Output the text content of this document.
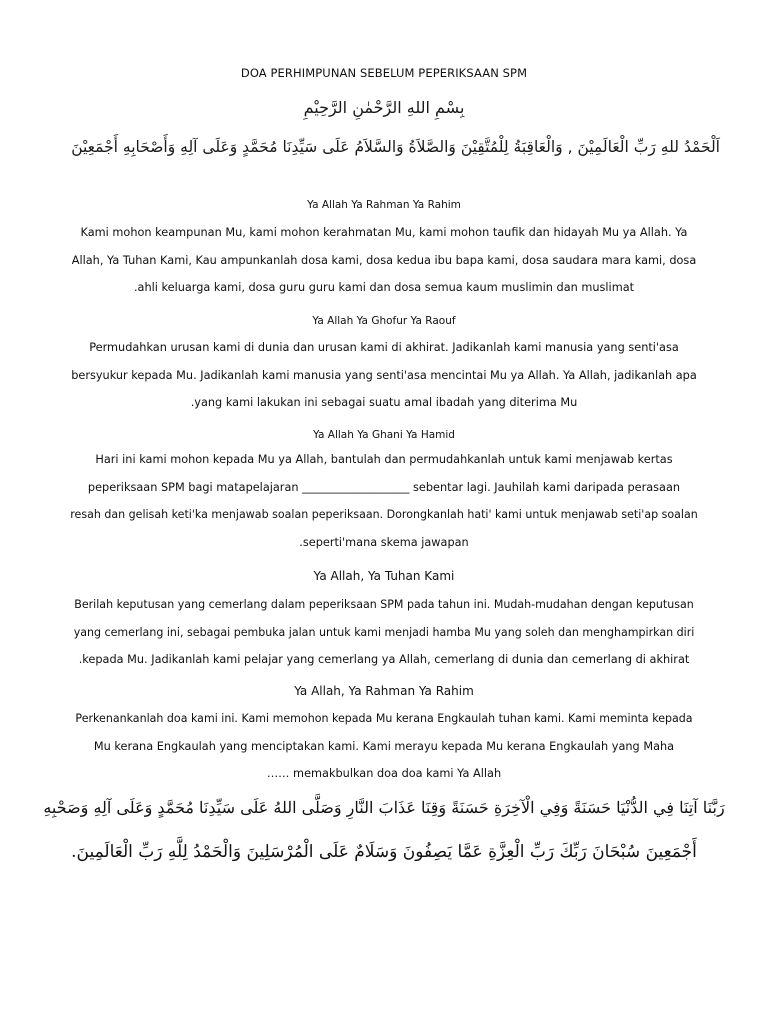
DOA PERHIMPUNAN SEBELUM PEPERIKSAAN SPM
بِسْمِ اللهِ الرَّحْمٰنِ الرَّحِيْمِ
اَلْحَمْدُ للهِ رَبِّ الْعَالَمِيْنَ , وَالْعَاقِبَةُ لِلْمُتَّقِيْنَ وَالصَّلاَةُ وَالسَّلاَمُ عَلَى سَيِّدِنَا مُحَمَّدٍ وَعَلَى آلِهِ وَأَصْحَابِهِ أَجْمَعِيْنَ
Ya Allah Ya Rahman Ya Rahim
Kami mohon keampunan Mu, kami mohon kerahmatan Mu, kami mohon taufik dan hidayah Mu ya Allah. Ya
Allah, Ya Tuhan Kami, Kau ampunkanlah dosa kami, dosa kedua ibu bapa kami, dosa saudara mara kami, dosa
.ahli keluarga kami, dosa guru guru kami dan dosa semua kaum muslimin dan muslimat
Ya Allah Ya Ghofur Ya Raouf
Permudahkan urusan kami di dunia dan urusan kami di akhirat. Jadikanlah kami manusia yang senti'asa
bersyukur kepada Mu. Jadikanlah kami manusia yang senti'asa mencintai Mu ya Allah. Ya Allah, jadikanlah apa
.yang kami lakukan ini sebagai suatu amal ibadah yang diterima Mu
Ya Allah Ya Ghani Ya Hamid
Hari ini kami mohon kepada Mu ya Allah, bantulah dan permudahkanlah untuk kami menjawab kertas
peperiksaan SPM bagi matapelajaran ___________________ sebentar lagi. Jauhilah kami daripada perasaan
resah dan gelisah keti'ka menjawab soalan peperiksaan. Dorongkanlah hati' kami untuk menjawab seti'ap soalan
.seperti'mana skema jawapan
Ya Allah, Ya Tuhan Kami
Berilah keputusan yang cemerlang dalam peperiksaan SPM pada tahun ini. Mudah-mudahan dengan keputusan
yang cemerlang ini, sebagai pembuka jalan untuk kami menjadi hamba Mu yang soleh dan menghampirkan diri
.kepada Mu. Jadikanlah kami pelajar yang cemerlang ya Allah, cemerlang di dunia dan cemerlang di akhirat
Ya Allah, Ya Rahman Ya Rahim
Perkenankanlah doa kami ini. Kami memohon kepada Mu kerana Engkaulah tuhan kami. Kami meminta kepada
Mu kerana Engkaulah yang menciptakan kami. Kami merayu kepada Mu kerana Engkaulah yang Maha
…… memakbulkan doa doa kami Ya Allah
رَبَّنَا آتِنَا فِي الدُّنْيَا حَسَنَةً وَفِي الْآخِرَةِ حَسَنَةً وَقِنَا عَذَابَ النَّارِ وَصَلَّى اللهُ عَلَى سَيِّدِنَا مُحَمَّدٍ وَعَلَى آلِهِ وَصَحْبِهِ
أَجْمَعِينَ سُبْحَانَ رَبِّكَ رَبِّ الْعِزَّةِ عَمَّا يَصِفُونَ وَسَلَامٌ عَلَى الْمُرْسَلِينَ وَالْحَمْدُ لِلَّهِ رَبِّ الْعَالَمِينَ.
